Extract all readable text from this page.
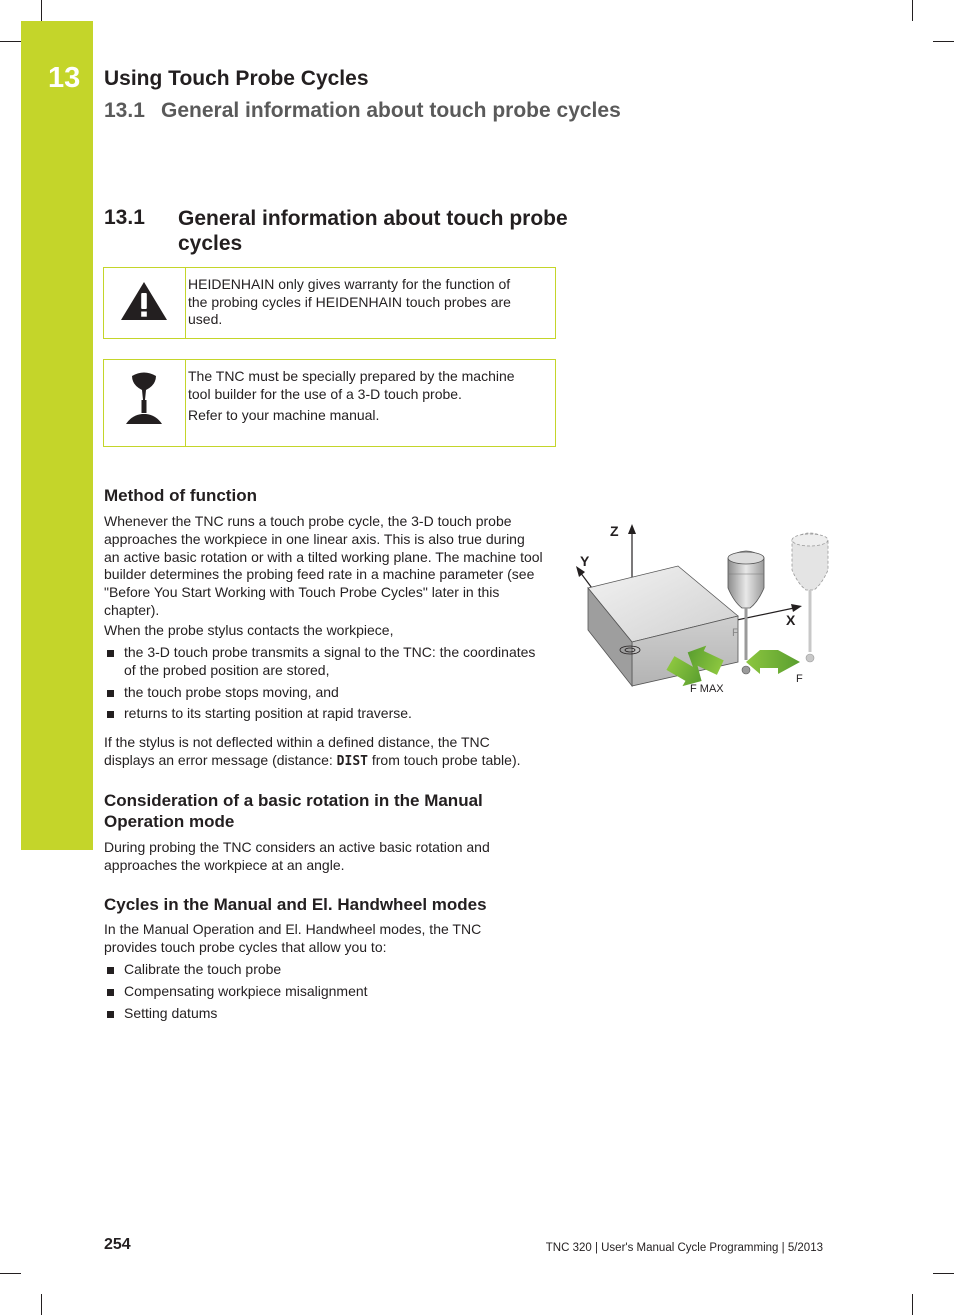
13 Using Touch Probe Cycles
13.1 General information about touch probe cycles
13.1 General information about touch probe cycles
HEIDENHAIN only gives warranty for the function of the probing cycles if HEIDENHAIN touch probes are used.

The TNC must be specially prepared by the machine tool builder for the use of a 3-D touch probe.

Refer to your machine manual.

Method of function

Whenever the TNC runs a touch probe cycle, the 3-D touch probe approaches the workpiece in one linear axis. This is also true during an active basic rotation or with a tilted working plane. The machine tool builder determines the probing feed rate in a machine parameter (see "Before You Start Working with Touch Probe Cycles" later in this chapter).

When the probe stylus contacts the workpiece,

the 3-D touch probe transmits a signal to the TNC: the coordinates of the probed position are stored,
the touch probe stops moving, and
returns to its starting position at rapid traverse.

If the stylus is not deflected within a defined distance, the TNC displays an error message (distance: DIST from touch probe table).

Z
Y
X
F
F MAX
F
Consideration of a basic rotation in the Manual Operation mode

During probing the TNC considers an active basic rotation and approaches the workpiece at an angle.

Cycles in the Manual and El. Handwheel modes

In the Manual Operation and El. Handwheel modes, the TNC provides touch probe cycles that allow you to:

Calibrate the touch probe
Compensating workpiece misalignment
Setting datums
254	TNC 320 | User's Manual Cycle Programming | 5/2013
